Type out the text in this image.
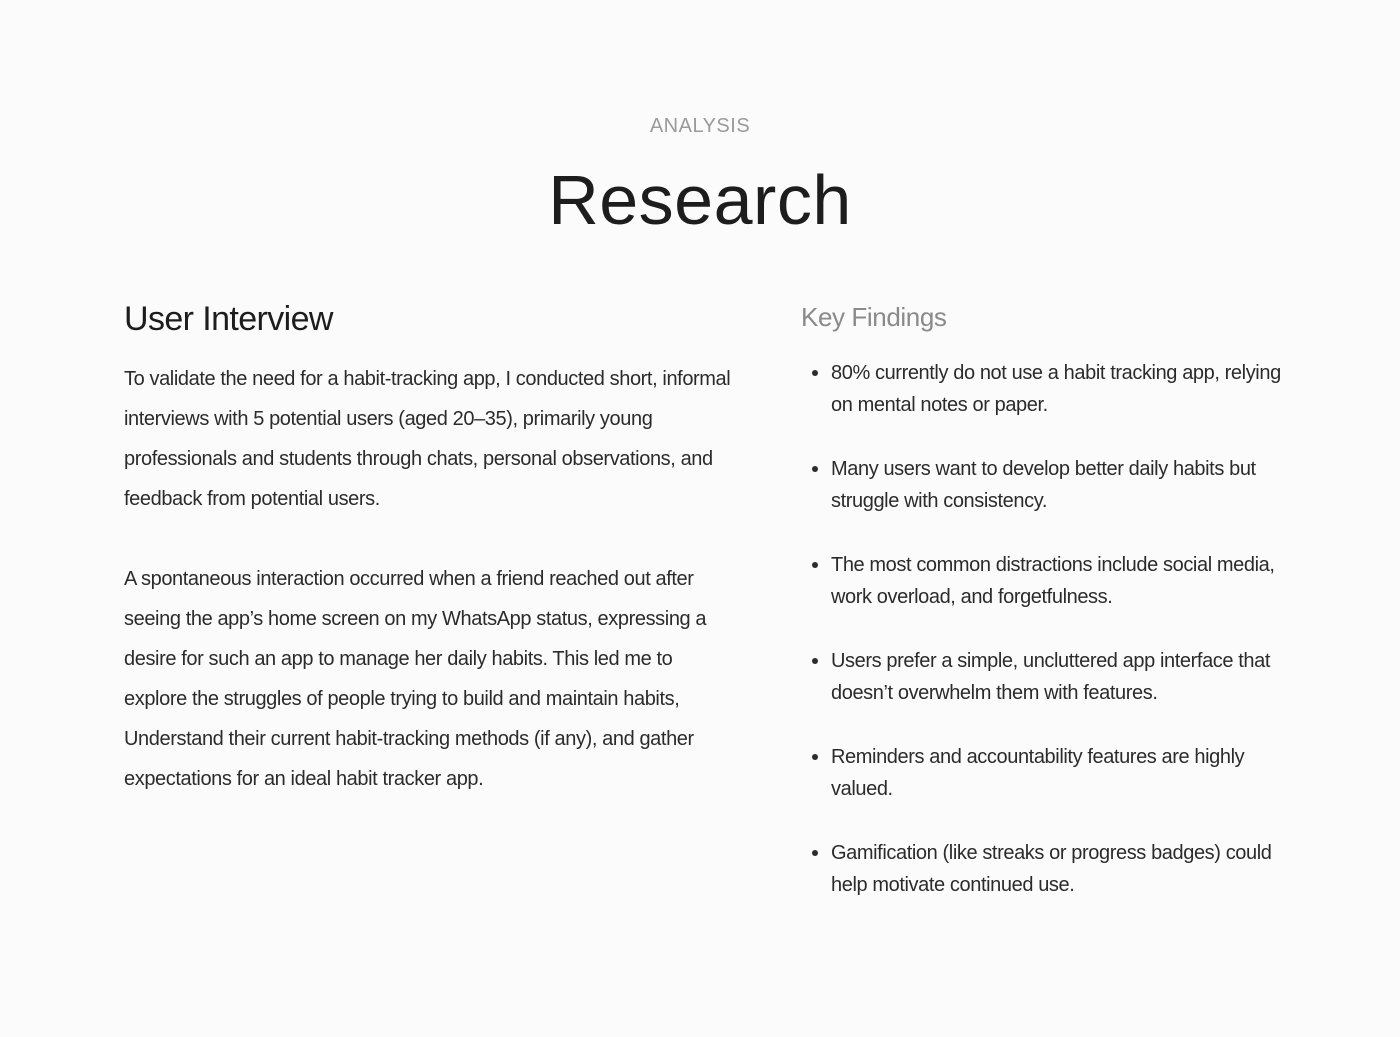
ANALYSIS
Research
User Interview

To validate the need for a habit-tracking app, I conducted short, informal interviews with 5 potential users (aged 20–35), primarily young professionals and students through chats, personal observations, and feedback from potential users.

A spontaneous interaction occurred when a friend reached out after seeing the app’s home screen on my WhatsApp status, expressing a desire for such an app to manage her daily habits. This led me to explore the struggles of people trying to build and maintain habits, Understand their current habit-tracking methods (if any), and gather expectations for an ideal habit tracker app.

Key Findings
80% currently do not use a habit tracking app, relying on mental notes or paper.
Many users want to develop better daily habits but struggle with consistency.
The most common distractions include social media, work overload, and forgetfulness.
Users prefer a simple, uncluttered app interface that doesn’t overwhelm them with features.
Reminders and accountability features are highly valued.
Gamification (like streaks or progress badges) could help motivate continued use.
